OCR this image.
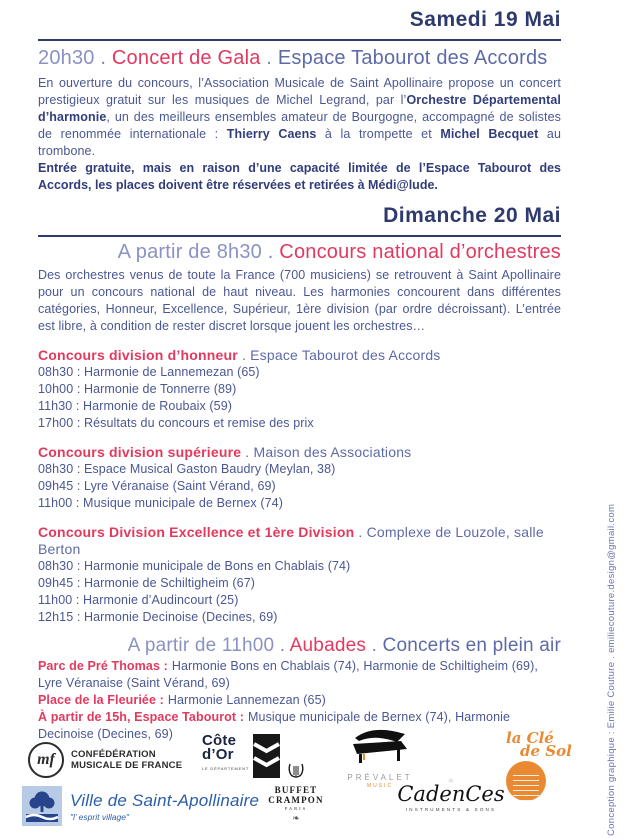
Samedi 19 Mai
20h30 . Concert de Gala . Espace Tabourot des Accords

En ouverture du concours, l’Association Musicale de Saint Apollinaire propose un concert prestigieux gratuit sur les musiques de Michel Legrand, par l’Orchestre Départemental d’harmonie, un des meilleurs ensembles amateur de Bourgogne, accompagné de solistes de renommée internationale : Thierry Caens à la trompette et Michel Becquet au trombone.

Entrée gratuite, mais en raison d’une capacité limitée de l’Espace Tabourot des Accords, les places doivent être réservées et retirées à Médi@lude.

Dimanche 20 Mai
A partir de 8h30 . Concours national d’orchestres

Des orchestres venus de toute la France (700 musiciens) se retrouvent à Saint Apollinaire pour un concours national de haut niveau. Les harmonies concourent dans différentes catégories, Honneur, Excellence, Supérieur, 1ère division (par ordre décroissant). L’entrée est libre, à condition de rester discret lorsque jouent les orchestres…

Concours division d’honneur . Espace Tabourot des Accords
08h30 : Harmonie de Lannemezan (65)
10h00 : Harmonie de Tonnerre (89)
11h30 : Harmonie de Roubaix (59)
17h00 : Résultats du concours et remise des prix
Concours division supérieure . Maison des Associations
08h30 : Espace Musical Gaston Baudry (Meylan, 38)
09h45 : Lyre Véranaise (Saint Vérand, 69)
11h00 : Musique municipale de Bernex (74)
Concours Division Excellence et 1ère Division . Complexe de Louzole, salle Berton
08h30 : Harmonie municipale de Bons en Chablais (74)
09h45 : Harmonie de Schiltigheim (67)
11h00 : Harmonie d’Audincourt (25)
12h15 : Harmonie Decinoise (Decines, 69)
A partir de 11h00 . Aubades . Concerts en plein air

Parc de Pré Thomas : Harmonie Bons en Chablais (74), Harmonie de Schiltigheim (69), Lyre Véranaise (Saint Vérand, 69)

Place de la Fleuriée : Harmonie Lannemezan (65)

À partir de 15h, Espace Tabourot : Musique municipale de Bernex (74), Harmonie Decinoise (Decines, 69)

mf	CONFÉDÉRATION
MUSICALE DE FRANCE
Côte
d’Or
LE DÉPARTEMENT
PRÉVALET
MUSIC
la Clé
de Sol
Ville de Saint-Apollinaire
"l’ esprit village"
BUFFET
CRAMPON
PARIS
❧
⁎
CadenCes
INSTRUMENTS & SONS	Conception graphique : Emilie Couture . emiliecouture.design@gmail.com
